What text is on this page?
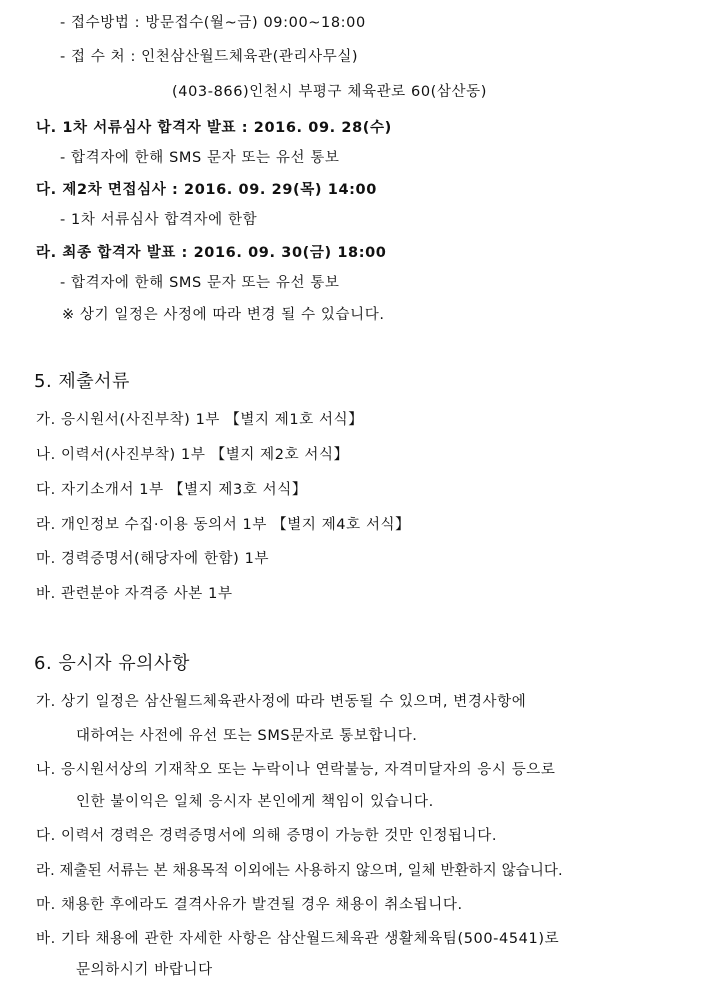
- 접수방법 : 방문접수(월~금) 09:00~18:00
- 접 수 처 : 인천삼산월드체육관(관리사무실)
(403-866)인천시 부평구 체육관로 60(삼산동)
나. 1차 서류심사 합격자 발표 : 2016. 09. 28(수)
- 합격자에 한해 SMS 문자 또는 유선 통보
다. 제2차 면접심사 : 2016. 09. 29(목) 14:00
- 1차 서류심사 합격자에 한함
라. 최종 합격자 발표 : 2016. 09. 30(금) 18:00
- 합격자에 한해 SMS 문자 또는 유선 통보
※ 상기 일정은 사정에 따라 변경 될 수 있습니다.
5. 제출서류
가. 응시원서(사진부착) 1부 【별지 제1호 서식】
나. 이력서(사진부착) 1부 【별지 제2호 서식】
다. 자기소개서 1부 【별지 제3호 서식】
라. 개인정보 수집·이용 동의서 1부 【별지 제4호 서식】
마. 경력증명서(해당자에 한함) 1부
바. 관련분야 자격증 사본 1부
6. 응시자 유의사항
가. 상기 일정은 삼산월드체육관사정에 따라 변동될 수 있으며, 변경사항에
대하여는 사전에 유선 또는 SMS문자로 통보합니다.
나. 응시원서상의 기재착오 또는 누락이나 연락불능, 자격미달자의 응시 등으로
인한 불이익은 일체 응시자 본인에게 책임이 있습니다.
다. 이력서 경력은 경력증명서에 의해 증명이 가능한 것만 인정됩니다.
라. 제출된 서류는 본 채용목적 이외에는 사용하지 않으며, 일체 반환하지 않습니다.
마. 채용한 후에라도 결격사유가 발견될 경우 채용이 취소됩니다.
바. 기타 채용에 관한 자세한 사항은 삼산월드체육관 생활체육팀(500-4541)로
문의하시기 바랍니다
